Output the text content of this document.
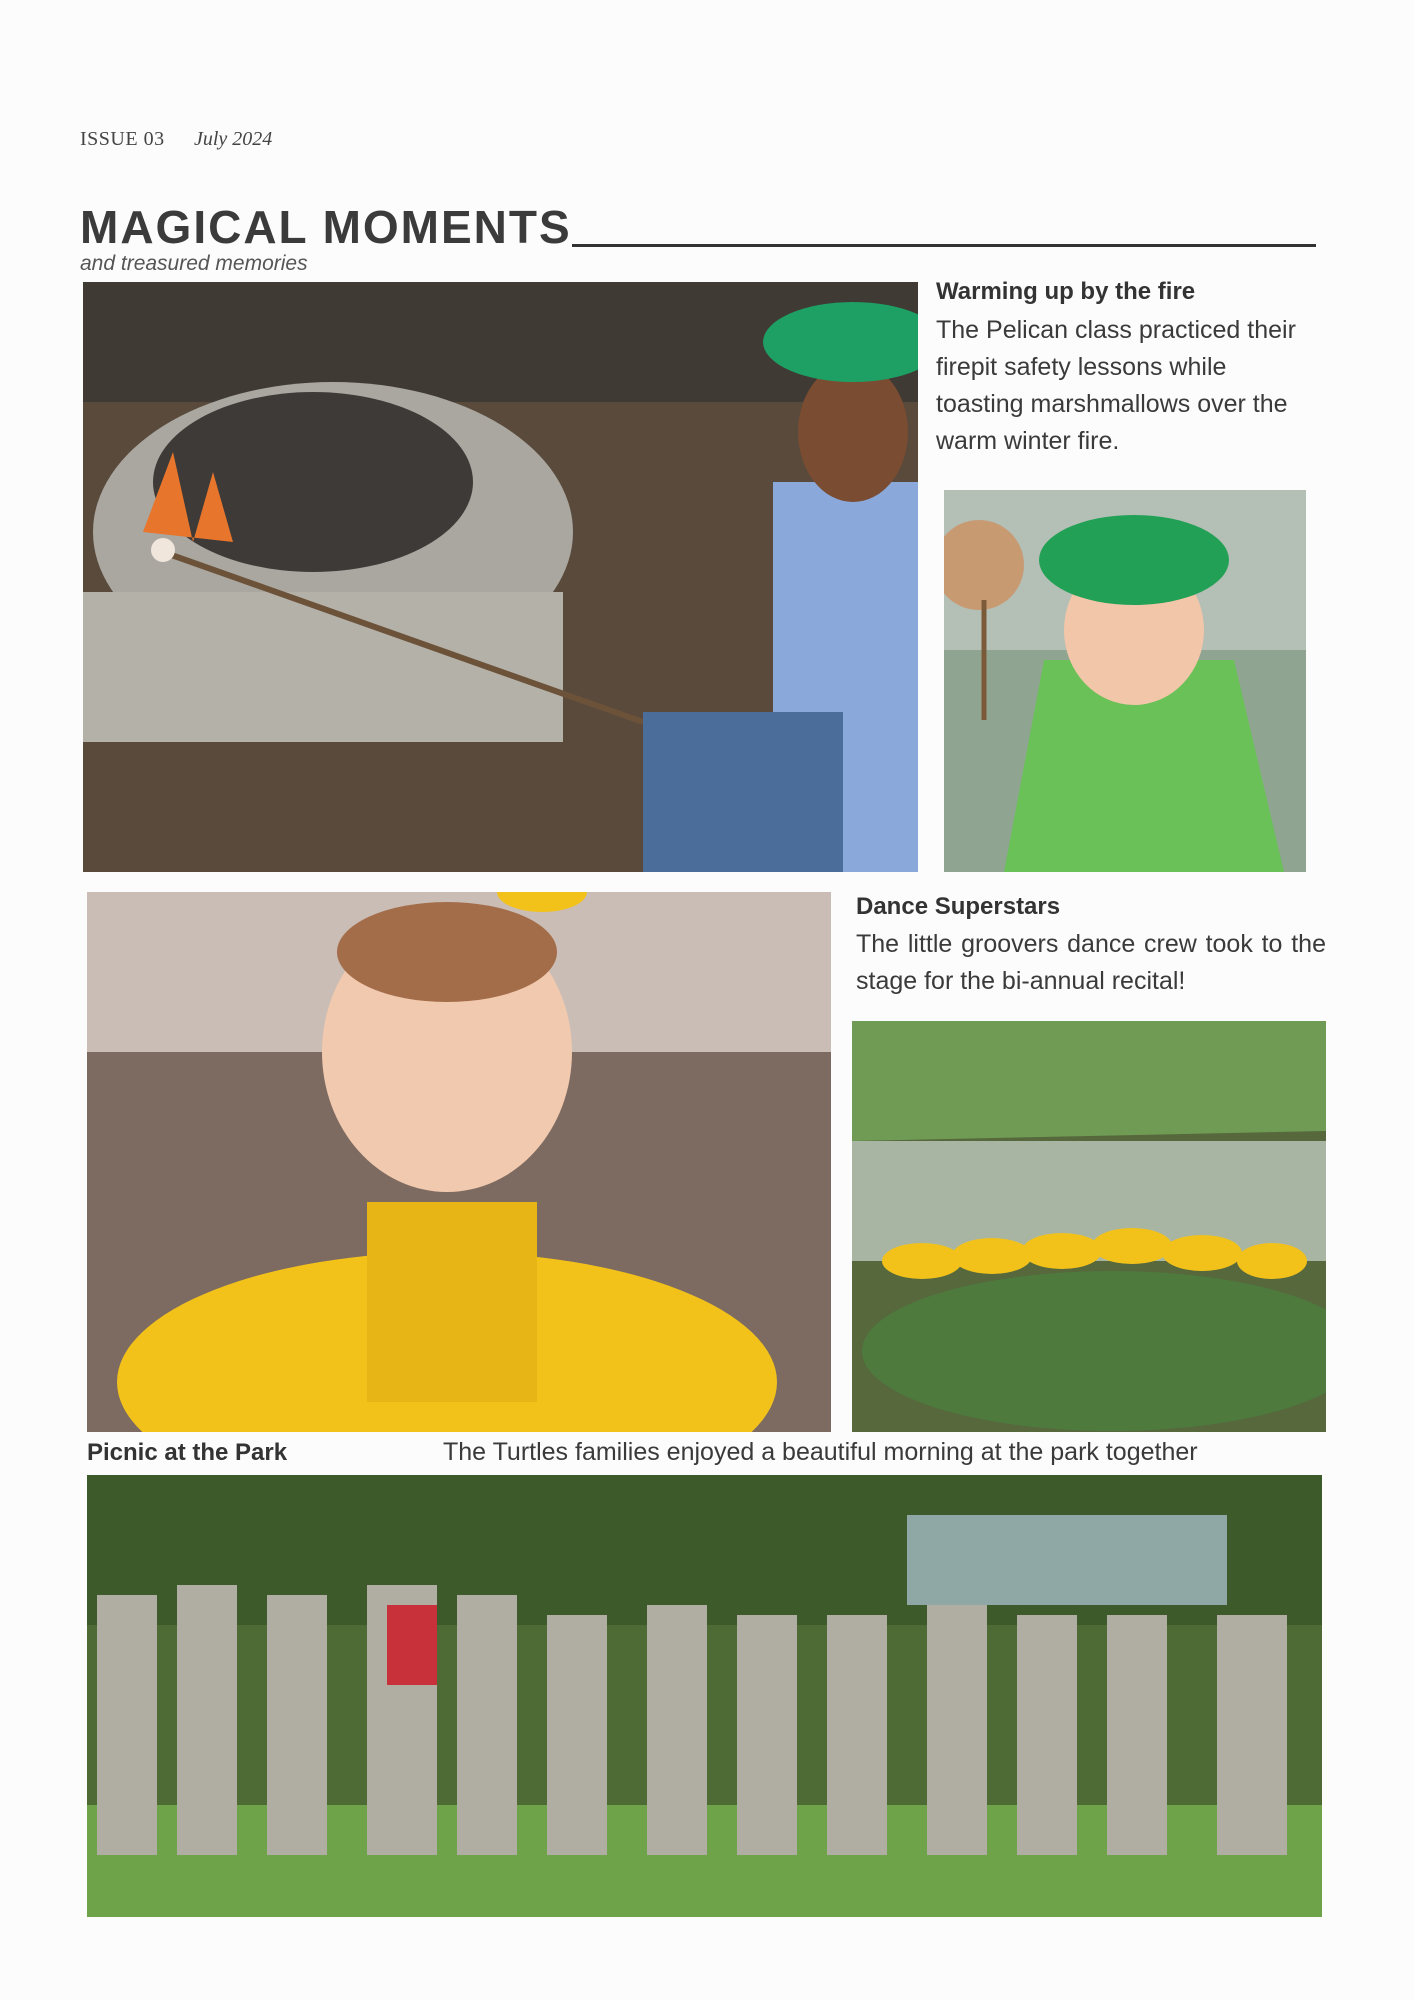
ISSUE 03 July 2024
MAGICAL MOMENTS
and treasured memories
Warming up by the fire
The Pelican class practiced their firepit safety lessons while toasting marshmallows over the warm winter fire.
Dance Superstars
The little groovers dance crew took to the stage for the bi-annual recital!
Picnic at the Park	The Turtles families enjoyed a beautiful morning at the park together
